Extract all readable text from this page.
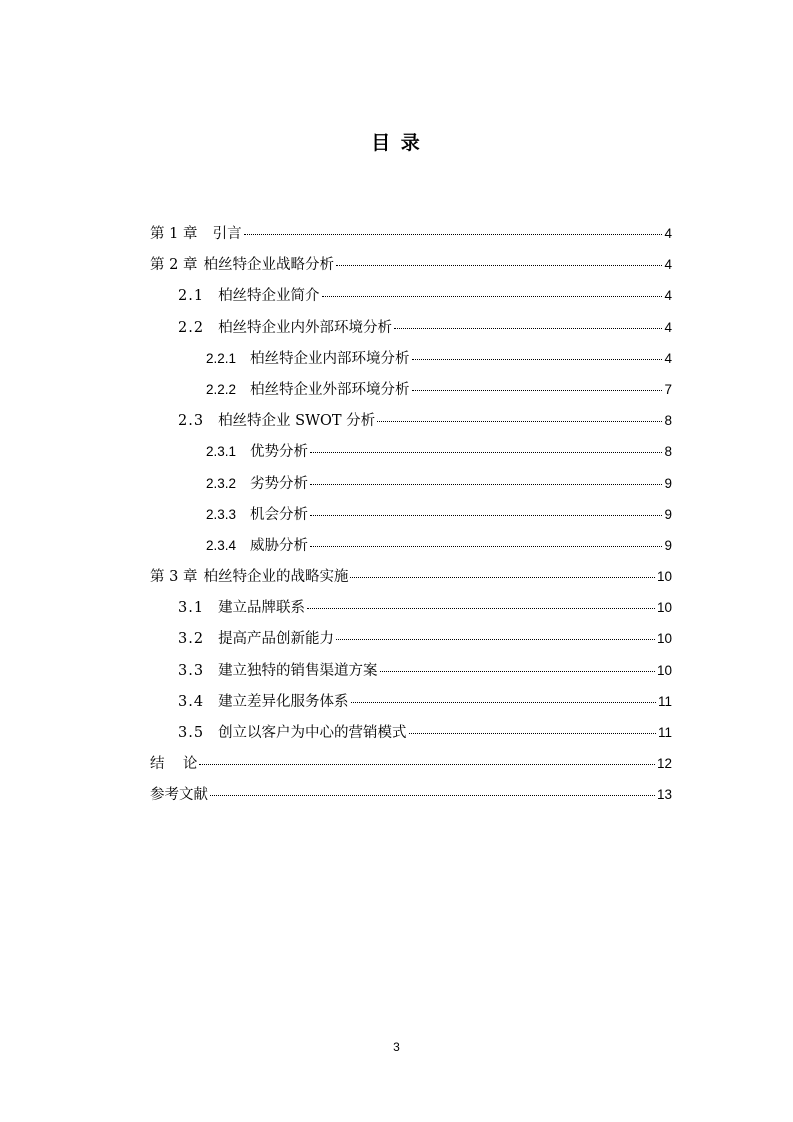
目 录
第 1 章 引言	4
第 2 章 柏丝特企业战略分析	4
2.1 柏丝特企业简介	4
2.2 柏丝特企业内外部环境分析	4
2.2.1 柏丝特企业内部环境分析	4
2.2.2 柏丝特企业外部环境分析	7
2.3 柏丝特企业 SWOT 分析	8
2.3.1 优势分析	8
2.3.2 劣势分析	9
2.3.3 机会分析	9
2.3.4 威胁分析	9
第 3 章 柏丝特企业的战略实施	10
3.1 建立品牌联系	10
3.2 提高产品创新能力	10
3.3 建立独特的销售渠道方案	10
3.4 建立差异化服务体系	11
3.5 创立以客户为中心的营销模式	11
结    论	12
参考文献	13
3
